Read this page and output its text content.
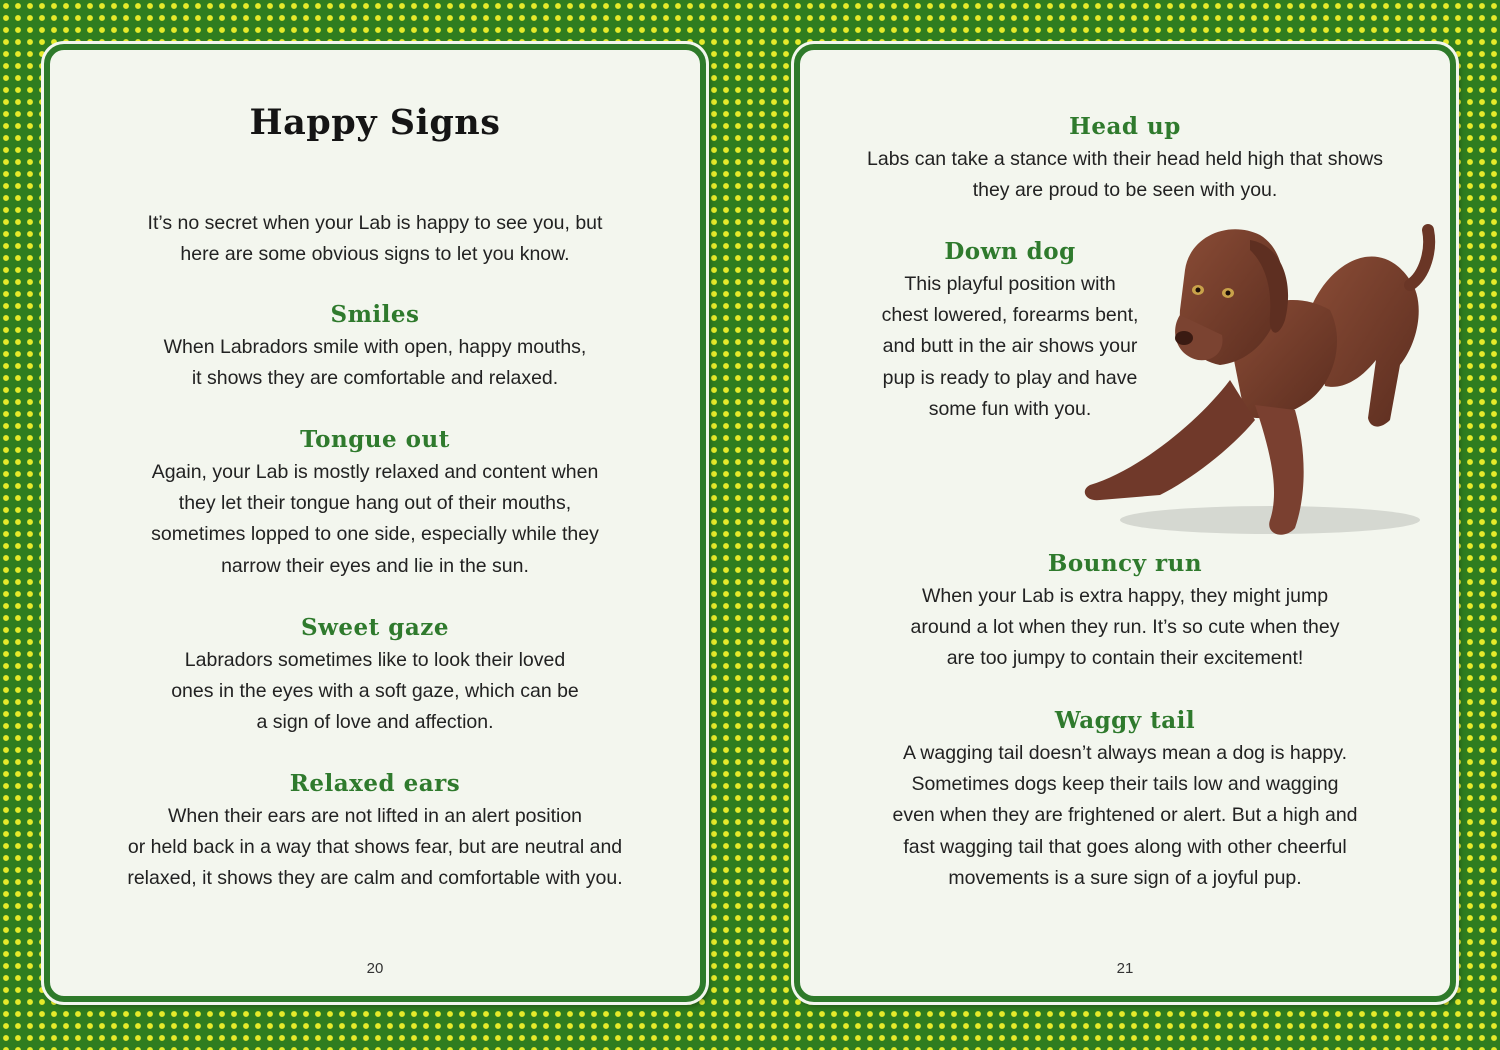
Happy Signs
It’s no secret when your Lab is happy to see you, but
here are some obvious signs to let you know.
Smiles
When Labradors smile with open, happy mouths,
it shows they are comfortable and relaxed.
Tongue out
Again, your Lab is mostly relaxed and content when
they let their tongue hang out of their mouths,
sometimes lopped to one side, especially while they
narrow their eyes and lie in the sun.
Sweet gaze
Labradors sometimes like to look their loved
ones in the eyes with a soft gaze, which can be
a sign of love and affection.
Relaxed ears
When their ears are not lifted in an alert position
or held back in a way that shows fear, but are neutral and
relaxed, it shows they are calm and comfortable with you.
20
Head up
Labs can take a stance with their head held high that shows
they are proud to be seen with you.
Down dog
This playful position with
chest lowered, forearms bent,
and butt in the air shows your
pup is ready to play and have
some fun with you.
Bouncy run
When your Lab is extra happy, they might jump
around a lot when they run. It’s so cute when they
are too jumpy to contain their excitement!
Waggy tail
A wagging tail doesn’t always mean a dog is happy.
Sometimes dogs keep their tails low and wagging
even when they are frightened or alert. But a high and
fast wagging tail that goes along with other cheerful
movements is a sure sign of a joyful pup.
21
